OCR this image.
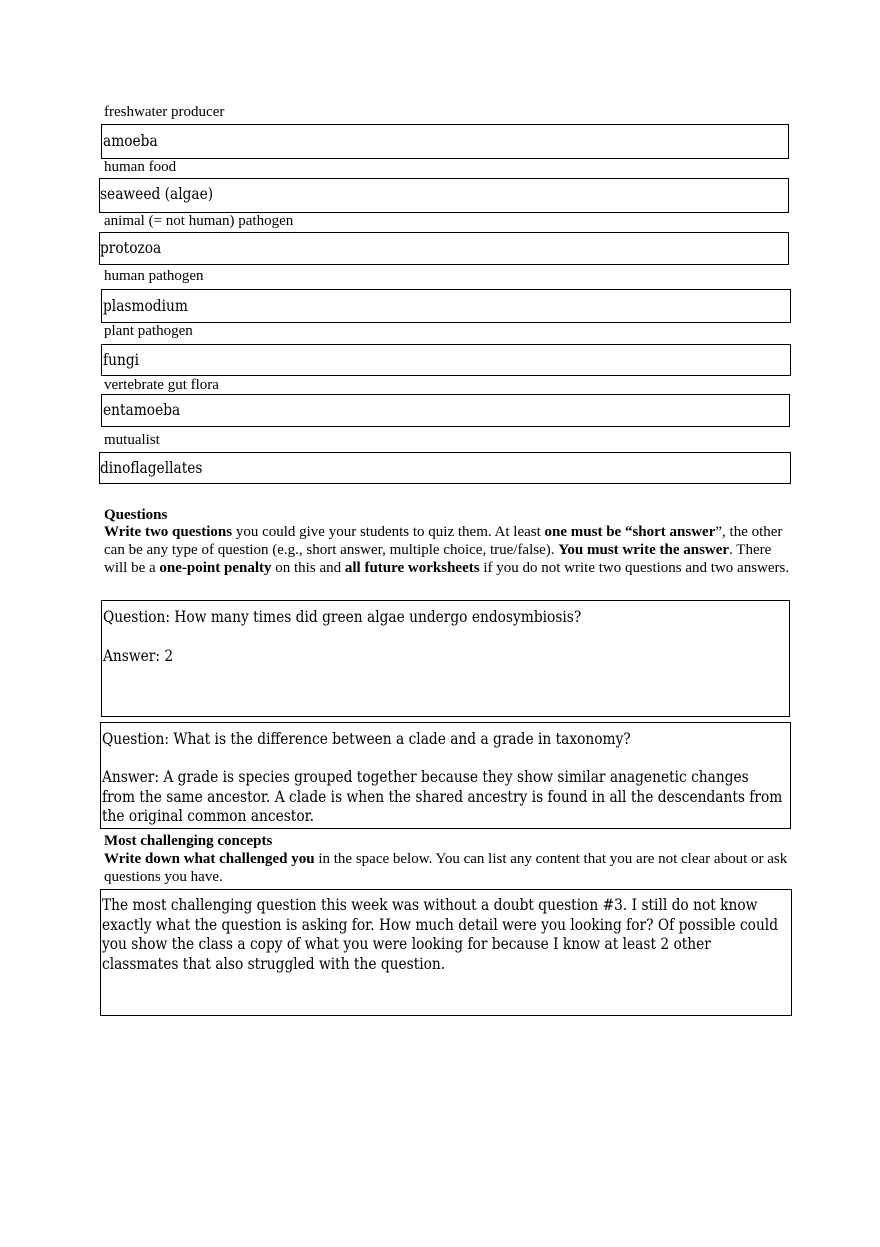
freshwater producer
amoeba
human food
seaweed (algae)
animal (= not human) pathogen
protozoa
human pathogen
plasmodium
plant pathogen
fungi
vertebrate gut flora
entamoeba
mutualist
dinoflagellates
Questions
Write two questions you could give your students to quiz them. At least one must be “short answer”, the other can be any type of question (e.g., short answer, multiple choice, true/false). You must write the answer. There will be a one-point penalty on this and all future worksheets if you do not write two questions and two answers.
Question: How many times did green algae undergo endosymbiosis?
Answer: 2
Question: What is the difference between a clade and a grade in taxonomy?
Answer: A grade is species grouped together because they show similar anagenetic changes from the same ancestor. A clade is when the shared ancestry is found in all the descendants from the original common ancestor.
Most challenging concepts
Write down what challenged you in the space below. You can list any content that you are not clear about or ask questions you have.
The most challenging question this week was without a doubt question #3. I still do not know exactly what the question is asking for. How much detail were you looking for? Of possible could you show the class a copy of what you were looking for because I know at least 2 other classmates that also struggled with the question.
